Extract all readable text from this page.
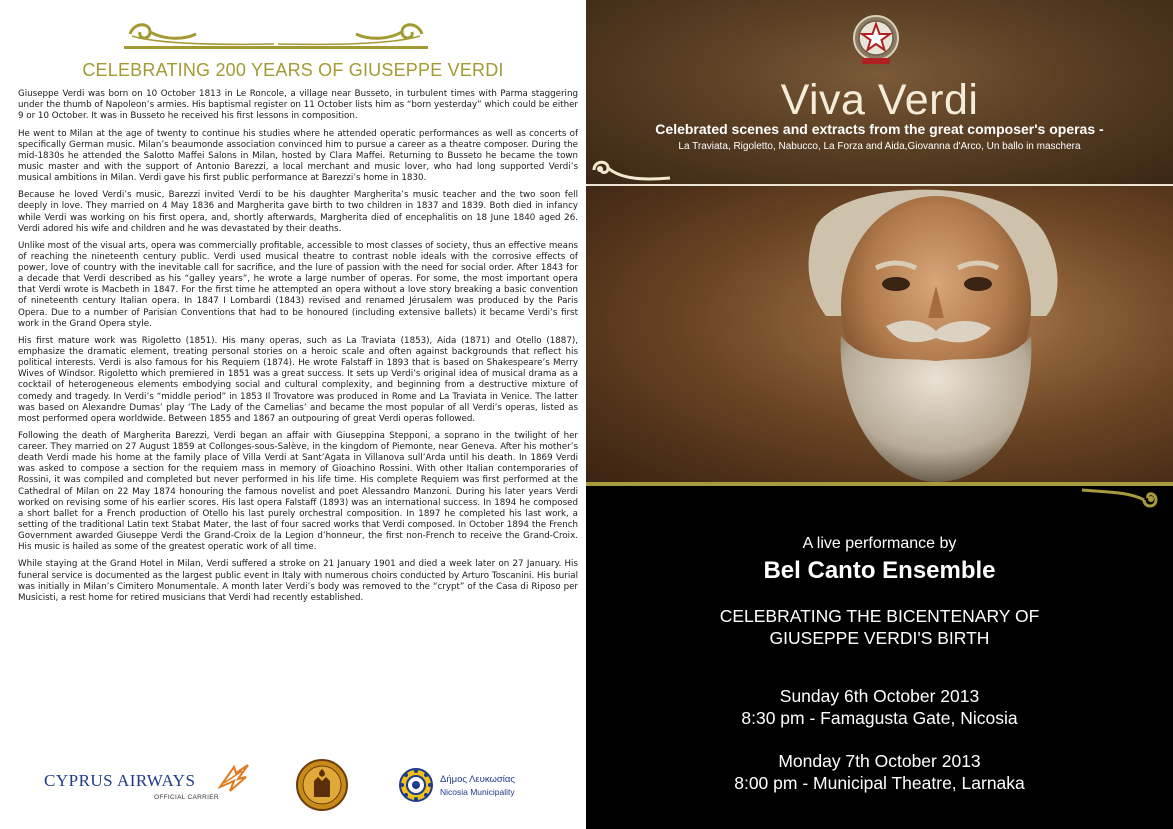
CELEBRATING 200 YEARS OF GIUSEPPE VERDI

Giuseppe Verdi was born on 10 October 1813 in Le Roncole, a village near Busseto, in turbulent times with Parma staggering under the thumb of Napoleon’s armies. His baptismal register on 11 October lists him as “born yesterday” which could be either 9 or 10 October. It was in Busseto he received his first lessons in composition.

He went to Milan at the age of twenty to continue his studies where he attended operatic performances as well as concerts of specifically German music. Milan’s beaumonde association convinced him to pursue a career as a theatre composer. During the mid-1830s he attended the Salotto Maffei Salons in Milan, hosted by Clara Maffei. Returning to Busseto he became the town music master and with the support of Antonio Barezzi, a local merchant and music lover, who had long supported Verdi’s musical ambitions in Milan. Verdi gave his first public performance at Barezzi’s home in 1830.

Because he loved Verdi’s music, Barezzi invited Verdi to be his daughter Margherita’s music teacher and the two soon fell deeply in love. They married on 4 May 1836 and Margherita gave birth to two children in 1837 and 1839. Both died in infancy while Verdi was working on his first opera, and, shortly afterwards, Margherita died of encephalitis on 18 June 1840 aged 26. Verdi adored his wife and children and he was devastated by their deaths.

Unlike most of the visual arts, opera was commercially profitable, accessible to most classes of society, thus an effective means of reaching the nineteenth century public. Verdi used musical theatre to contrast noble ideals with the corrosive effects of power, love of country with the inevitable call for sacrifice, and the lure of passion with the need for social order. After 1843 for a decade that Verdi described as his “galley years”, he wrote a large number of operas. For some, the most important opera that Verdi wrote is Macbeth in 1847. For the first time he attempted an opera without a love story breaking a basic convention of nineteenth century Italian opera. In 1847 I Lombardi (1843) revised and renamed Jérusalem was produced by the Paris Opera. Due to a number of Parisian Conventions that had to be honoured (including extensive ballets) it became Verdi’s first work in the Grand Opera style.

His first mature work was Rigoletto (1851). His many operas, such as La Traviata (1853), Aida (1871) and Otello (1887), emphasize the dramatic element, treating personal stories on a heroic scale and often against backgrounds that reflect his political interests. Verdi is also famous for his Requiem (1874). He wrote Falstaff in 1893 that is based on Shakespeare’s Merry Wives of Windsor. Rigoletto which premiered in 1851 was a great success. It sets up Verdi’s original idea of musical drama as a cocktail of heterogeneous elements embodying social and cultural complexity, and beginning from a destructive mixture of comedy and tragedy. In Verdi’s “middle period” in 1853 Il Trovatore was produced in Rome and La Traviata in Venice. The latter was based on Alexandre Dumas’ play ‘The Lady of the Camelias’ and became the most popular of all Verdi’s operas, listed as most performed opera worldwide. Between 1855 and 1867 an outpouring of great Verdi operas followed.

Following the death of Margherita Barezzi, Verdi began an affair with Giuseppina Stepponi, a soprano in the twilight of her career. They married on 27 August 1859 at Collonges-sous-Salève, in the kingdom of Piemonte, near Geneva. After his mother’s death Verdi made his home at the family place of Villa Verdi at Sant’Agata in Villanova sull’Arda until his death. In 1869 Verdi was asked to compose a section for the requiem mass in memory of Gioachino Rossini. With other Italian contemporaries of Rossini, it was compiled and completed but never performed in his life time. His complete Requiem was first performed at the Cathedral of Milan on 22 May 1874 honouring the famous novelist and poet Alessandro Manzoni. During his later years Verdi worked on revising some of his earlier scores. His last opera Falstaff (1893) was an international success. In 1894 he composed a short ballet for a French production of Otello his last purely orchestral composition. In 1897 he completed his last work, a setting of the traditional Latin text Stabat Mater, the last of four sacred works that Verdi composed. In October 1894 the French Government awarded Giuseppe Verdi the Grand-Croix de la Legion d’honneur, the first non-French to receive the Grand-Croix. His music is hailed as some of the greatest operatic work of all time.

While staying at the Grand Hotel in Milan, Verdi suffered a stroke on 21 January 1901 and died a week later on 27 January. His funeral service is documented as the largest public event in Italy with numerous choirs conducted by Arturo Toscanini. His burial was initially in Milan’s Cimitero Monumentale. A month later Verdi’s body was removed to the “crypt” of the Casa di Riposo per Musicisti, a rest home for retired musicians that Verdi had recently established.

CYPRUS AIRWAYS
OFFICIAL CARRIER
Δήμος Λευκωσίας
Nicosia Municipality
Viva Verdi
Celebrated scenes and extracts from the great composer's operas -
La Traviata, Rigoletto, Nabucco, La Forza and Aida,Giovanna d'Arco, Un ballo in maschera
A live performance by
Bel Canto Ensemble
CELEBRATING THE BICENTENARY OF
GIUSEPPE VERDI'S BIRTH
Sunday 6th October 2013
8:30 pm - Famagusta Gate, Nicosia
Monday 7th October 2013
8:00 pm - Municipal Theatre, Larnaka
